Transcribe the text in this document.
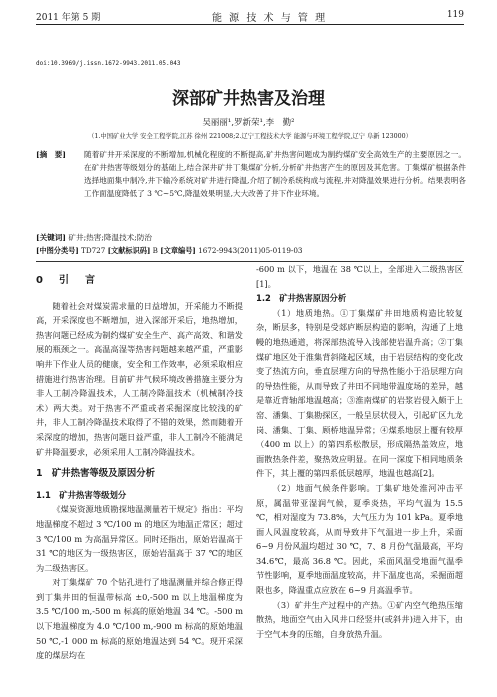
2011 年第 5 期	能 源 技 术 与 管 理	119
doi:10.3969/j.issn.1672-9943.2011.05.043
深部矿井热害及治理
吴丽丽¹,罗新荣¹,李　勤²
（1.中国矿业大学 安全工程学院,江苏 徐州 221008;2.辽宁工程技术大学 能源与环境工程学院,辽宁 阜新 123000）
[摘　要] 随着矿井开采深度的不断增加,机械化程度的不断提高,矿井热害问题成为制约煤矿安全高效生产的主要原因之一。在矿井热害等级划分的基础上,结合深井矿井丁集煤矿分析,分析矿井热害产生的原因及其危害。丁集煤矿根据条件选择地面集中制冷,井下输冷系统对矿井进行降温,介绍了制冷系统构成与流程,井对降温效果进行分析。结果表明各工作面温度降低了 3 ℃~5℃,降温效果明显,大大改善了井下作业环境。
[关键词] 矿井;热害;降温技术;防治
[中图分类号] TD727 [文献标识码] B [文章编号] 1672-9943(2011)05-0119-03
0　引　言

随着社会对煤炭需求量的日益增加，开采能力不断提高，开采深度也不断增加，进入深部开采后，地热增加，热害问题已经成为制约煤矿安全生产、高产高效、和谐发展的瓶颈之一。高温高湿等热害问题越来越严重，严重影响井下作业人员的健康，安全和工作效率，必须采取相应措施进行热害治理。目前矿井气候环境改善措施主要分为非人工制冷降温技术，人工制冷降温技术（机械制冷技术）两大类。对于热害不严重或者采掘深度比较浅的矿井，非人工制冷降温技术取得了不错的效果，然而随着开采深度的增加，热害问题日益严重，非人工制冷不能满足矿井降温要求，必须采用人工制冷降温技术。

1　矿井热害等级及原因分析
1.1　矿井热害等级划分

《煤炭资源地质勘探地温测量若干规定》指出：平均地温梯度不超过 3 ℃/100 m 的地区为地温正常区；超过 3 ℃/100 m 为高温异常区。同时还指出，原始岩温高于 31 ℃的地区为一级热害区，原始岩温高于 37 ℃的地区为二级热害区。

对丁集煤矿 70 个钻孔进行了地温测量并综合修正得到丁集井田的恒温带标高 ±0,-500 m 以上地温梯度为 3.5 ℃/100 m,-500 m 标高的原始地温 34 ℃。-500 m 以下地温梯度为 4.0 ℃/100 m,-900 m 标高的原始地温 50 ℃,-1 000 m 标高的原始地温达到 54 ℃。现开采深度的煤层均在

-600 m 以下，地温在 38 ℃以上，全部进入二级热害区[1]。

1.2　矿井热害原因分析

（1）地质地热。①丁集煤矿井田地质构造比较复杂，断层多，特别是受郯庐断层构造的影响，沟通了上地幔的地热通道，将深部热流导入浅部使岩温升高；②丁集煤矿地区处于淮集背斜隆起区域，由于岩层结构的变化改变了热流方向，垂直层理方向的导热性能小于沿层理方向的导热性能，从而导致了井田不同地带温度场的差异，越是靠近背轴部地温越高；③淮南煤矿的岩浆岩侵入颇于上窑、潘集、丁集勘探区，一般呈层状侵入，引起矿区九龙岗、潘集、丁集、顾桥地温异常；④煤系地层上覆有较厚（400 m 以上）的第四系松散层，形成隔热盖效应，地面散热条件差，聚热效应明显。在同一深度下相同地质条件下，其上覆的第四系低层越厚，地温也越高[2]。

（2）地面气候条件影响。丁集矿地处淮河冲击平原，属温带亚湿润气候，夏季炎热，平均气温为 15.5 ℃，相对湿度为 73.8%，大气压力为 101 kPa。夏季地面人风温度较高，从而导致井下气温进一步上升，采面 6~9 月份风温均超过 30 ℃，7、8 月份气温最高，平均 34.6℃，最高 36.8 ℃。因此，采面风温受地面气温季节性影响，夏季地面温度较高，井下温度也高，采掘面超限也多，降温重点应放在 6~9 月高温季节。

（3）矿井生产过程中的产热。①矿内空气绝热压缩散热，地面空气由入风井口经竖井(或斜井)进入井下，由于空气本身的压缩，自身放热升温。
